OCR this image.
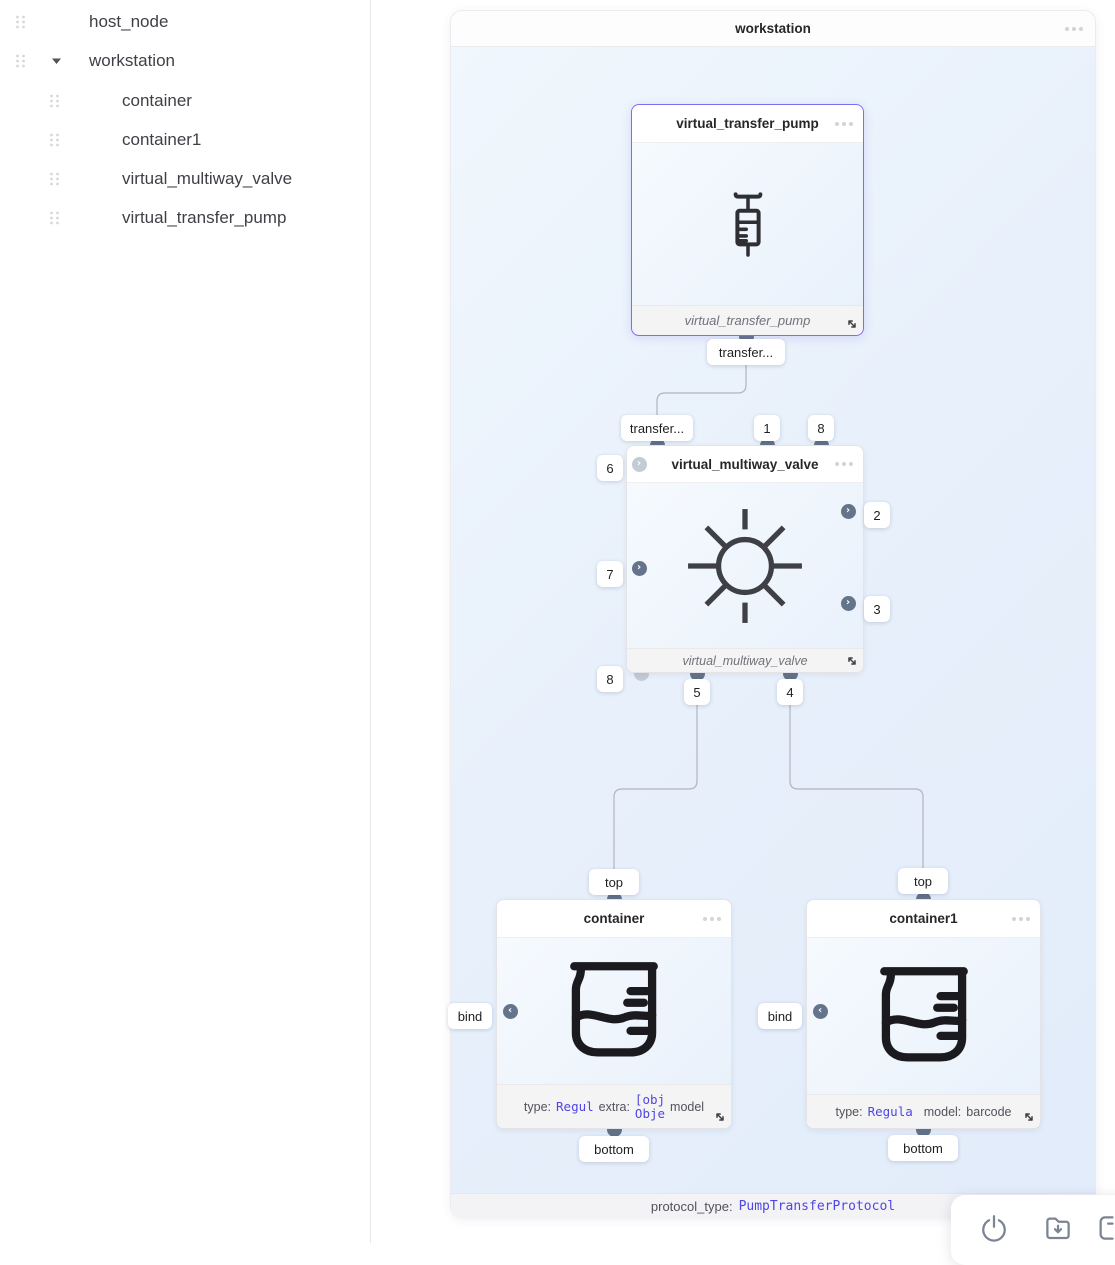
host_node
workstation
container
container1
virtual_multiway_valve
virtual_transfer_pump
virtual_transfer_pump
virtual_transfer_pump
virtual_multiway_valve
virtual_multiway_valve
container
type: Regul extra: [obj
Obje model
container1
type: Regula model: barcode
›
›
›
›
‹	‹
transfer...
transfer...	1	8
6
7
8
2
3
5	4
top
bottom
bind
top
bottom
bind
workstation
protocol_type: PumpTransferProtocol
